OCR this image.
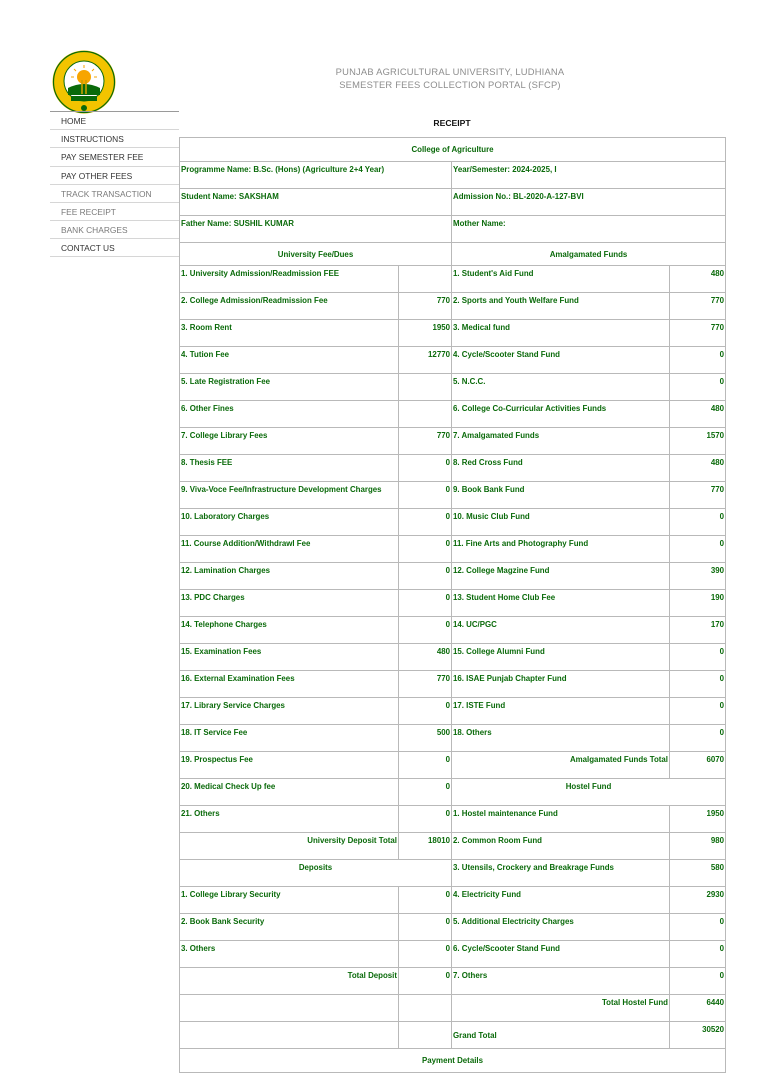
PUNJAB AGRICULTURAL UNIVERSITY, LUDHIANA
SEMESTER FEES COLLECTION PORTAL (SFCP)
HOME
INSTRUCTIONS
PAY SEMESTER FEE
PAY OTHER FEES
TRACK TRANSACTION
FEE RECEIPT
BANK CHARGES
CONTACT US
RECEIPT
College of Agriculture			
Programme Name: B.Sc. (Hons) (Agriculture 2+4 Year)		Year/Semester: 2024-2025, I	
Student Name: SAKSHAM		Admission No.: BL-2020-A-127-BVI	
Father Name: SUSHIL KUMAR		Mother Name:	
University Fee/Dues		Amalgamated Funds	
1. University Admission/Readmission FEE		1. Student's Aid Fund	480
2. College Admission/Readmission Fee	770	2. Sports and Youth Welfare Fund	770
3. Room Rent	1950	3. Medical fund	770
4. Tution Fee	12770	4. Cycle/Scooter Stand Fund	0
5. Late Registration Fee		5. N.C.C.	0
6. Other Fines		6. College Co-Curricular Activities Funds	480
7. College Library Fees	770	7. Amalgamated Funds	1570
8. Thesis FEE	0	8. Red Cross Fund	480
9. Viva-Voce Fee/Infrastructure Development Charges	0	9. Book Bank Fund	770
10. Laboratory Charges	0	10. Music Club Fund	0
11. Course Addition/Withdrawl Fee	0	11. Fine Arts and Photography Fund	0
12. Lamination Charges	0	12. College Magzine Fund	390
13. PDC Charges	0	13. Student Home Club Fee	190
14. Telephone Charges	0	14. UC/PGC	170
15. Examination Fees	480	15. College Alumni Fund	0
16. External Examination Fees	770	16. ISAE Punjab Chapter Fund	0
17. Library Service Charges	0	17. ISTE Fund	0
18. IT Service Fee	500	18. Others	0
19. Prospectus Fee	0	Amalgamated Funds Total	6070
20. Medical Check Up fee	0	Hostel Fund	
21. Others	0	1. Hostel maintenance Fund	1950
University Deposit Total	18010	2. Common Room Fund	980
Deposits		3. Utensils, Crockery and Breakrage Funds	580
1. College Library Security	0	4. Electricity Fund	2930
2. Book Bank Security	0	5. Additional Electricity Charges	0
3. Others	0	6. Cycle/Scooter Stand Fund	0
Total Deposit	0	7. Others	0
		Total Hostel Fund	6440
		Grand Total	30520
Payment Details			
